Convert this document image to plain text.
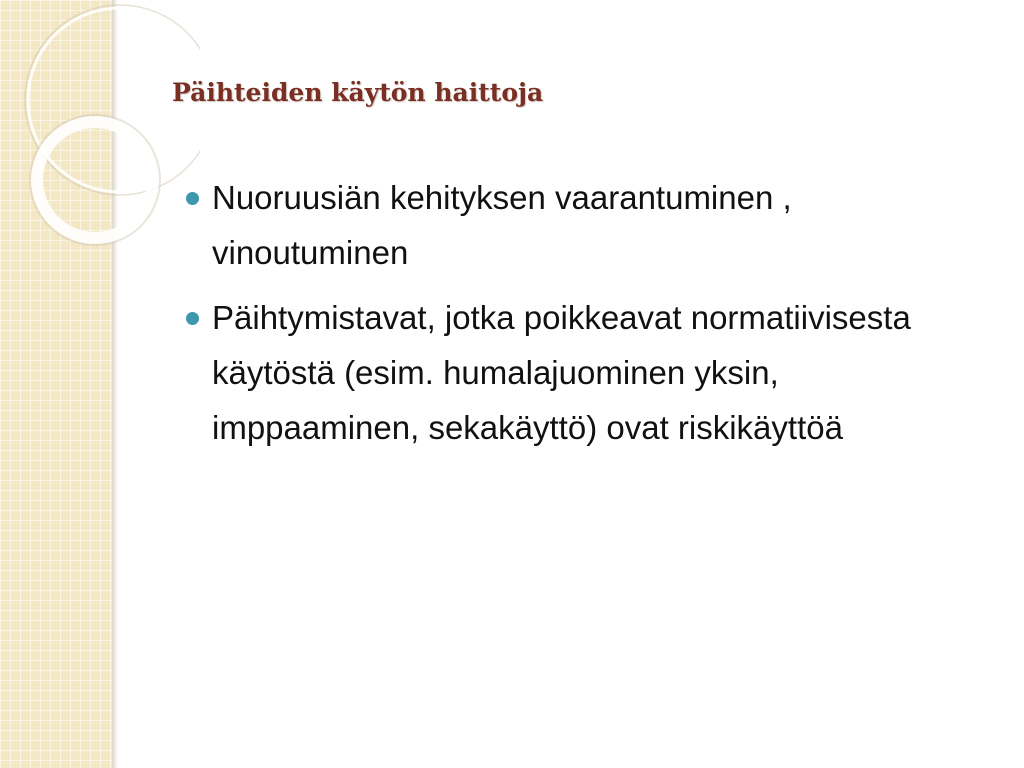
Päihteiden käytön haittoja
Nuoruusiän kehityksen vaarantuminen , vinoutuminen
Päihtymistavat, jotka poikkeavat normatiivisesta käytöstä (esim. humalajuominen yksin, imppaaminen, sekakäyttö) ovat riskikäyttöä
